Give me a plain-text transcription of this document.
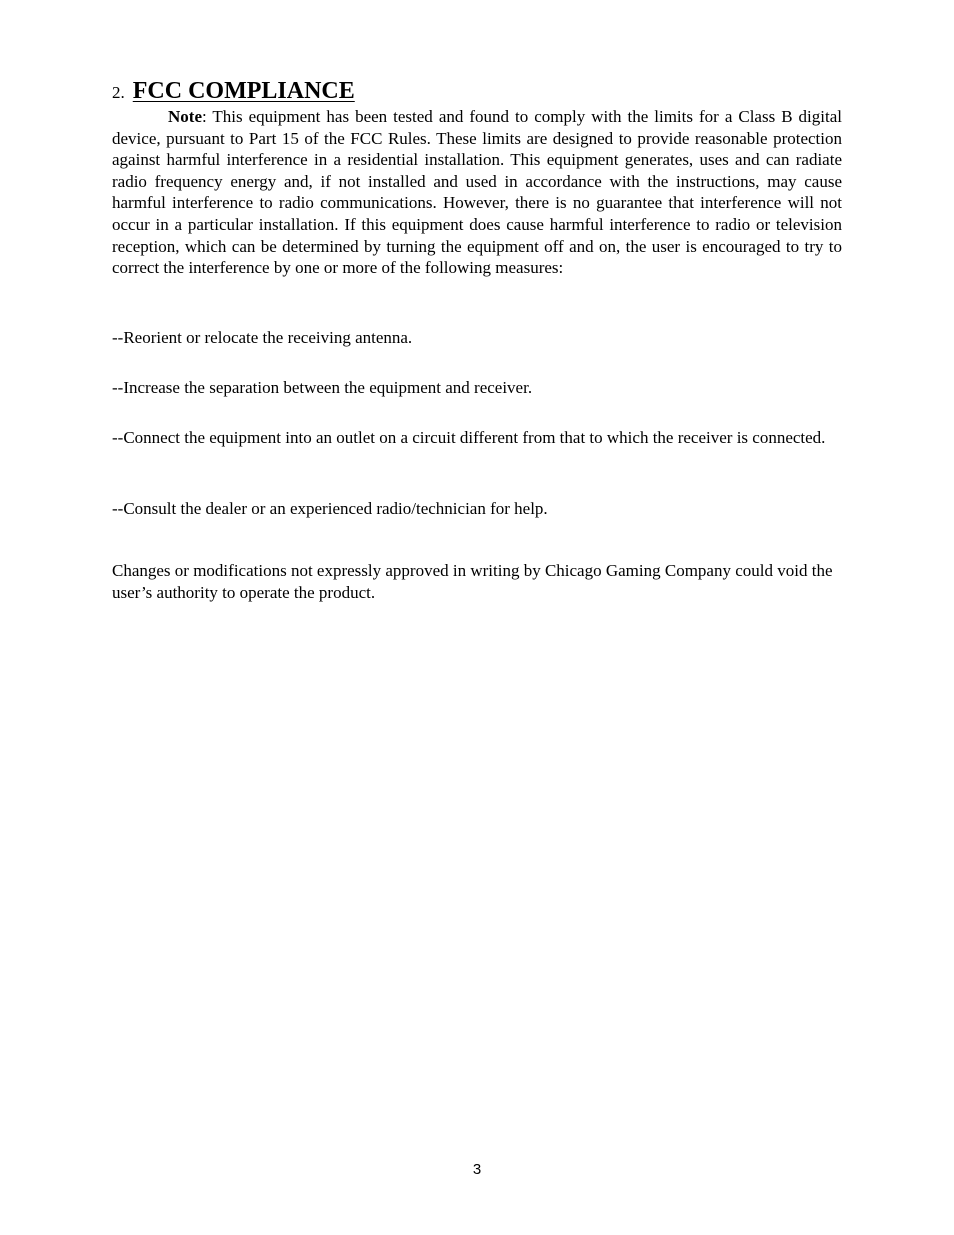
2. FCC COMPLIANCE

Note: This equipment has been tested and found to comply with the limits for a Class B digital device, pursuant to Part 15 of the FCC Rules. These limits are designed to provide reasonable protection against harmful interference in a residential installation. This equipment generates, uses and can radiate radio frequency energy and, if not installed and used in accordance with the instructions, may cause harmful interference to radio communications. However, there is no guarantee that interference will not occur in a particular installation. If this equipment does cause harmful interference to radio or television reception, which can be determined by turning the equipment off and on, the user is encouraged to try to correct the interference by one or more of the following measures:

--Reorient or relocate the receiving antenna.

--Increase the separation between the equipment and receiver.

--Connect the equipment into an outlet on a circuit different from that to which the receiver is connected.

--Consult the dealer or an experienced radio/technician for help.

Changes or modifications not expressly approved in writing by Chicago Gaming Company could void the user’s authority to operate the product.

3
